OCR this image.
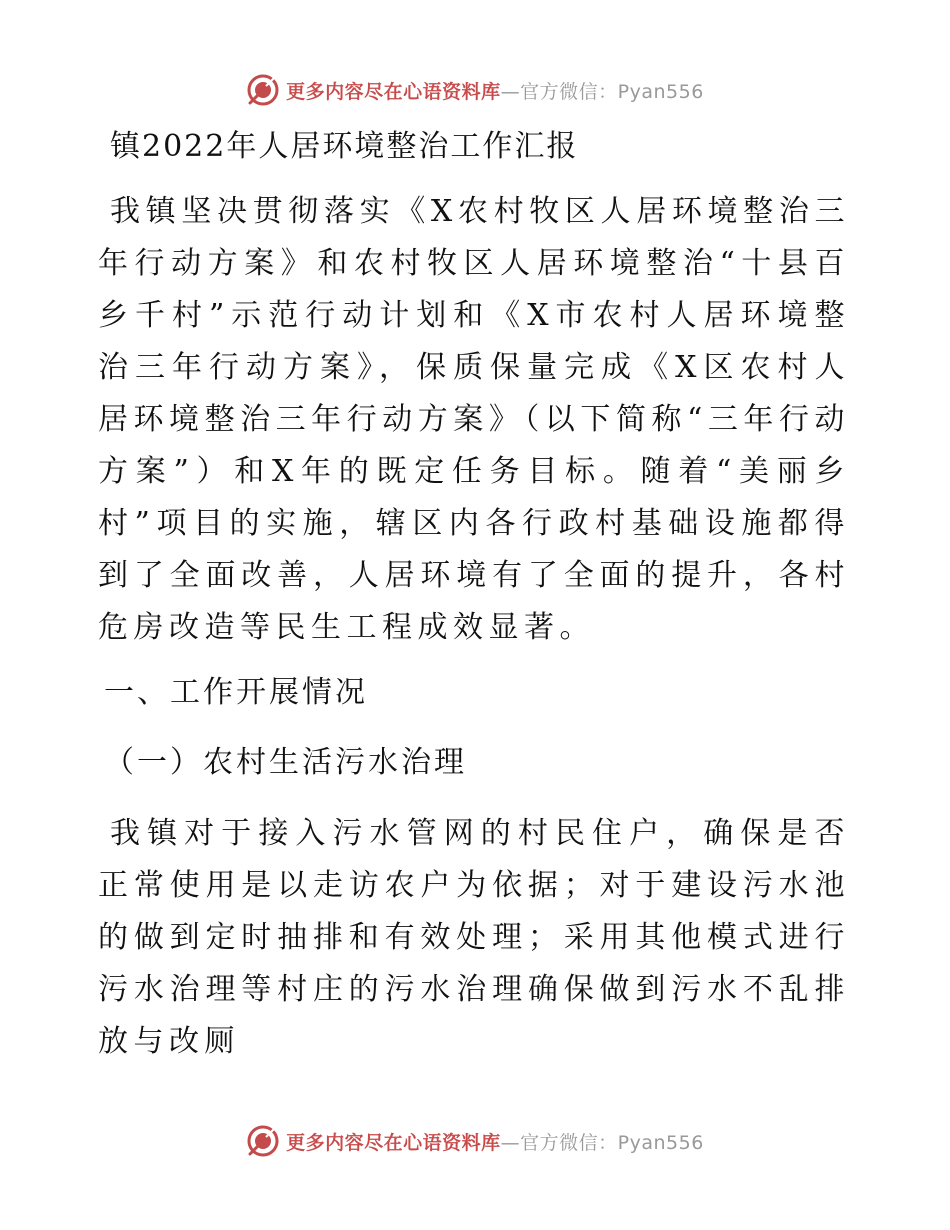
更多内容尽在心语资料库—官方微信：Pyan556
镇2022年人居环境整治工作汇报

我镇坚决贯彻落实《X农村牧区人居环境整治三年行动方案》和农村牧区人居环境整治“十县百乡千村”示范行动计划和《X市农村人居环境整治三年行动方案》，保质保量完成《X区农村人居环境整治三年行动方案》（以下简称“三年行动方案”）和X年的既定任务目标。随着“美丽乡村”项目的实施，辖区内各行政村基础设施都得到了全面改善，人居环境有了全面的提升，各村危房改造等民生工程成效显著。

一、工作开展情况
（一）农村生活污水治理

我镇对于接入污水管网的村民住户，确保是否正常使用是以走访农户为依据；对于建设污水池的做到定时抽排和有效处理；采用其他模式进行污水治理等村庄的污水治理确保做到污水不乱排放与改厕

更多内容尽在心语资料库—官方微信：Pyan556
